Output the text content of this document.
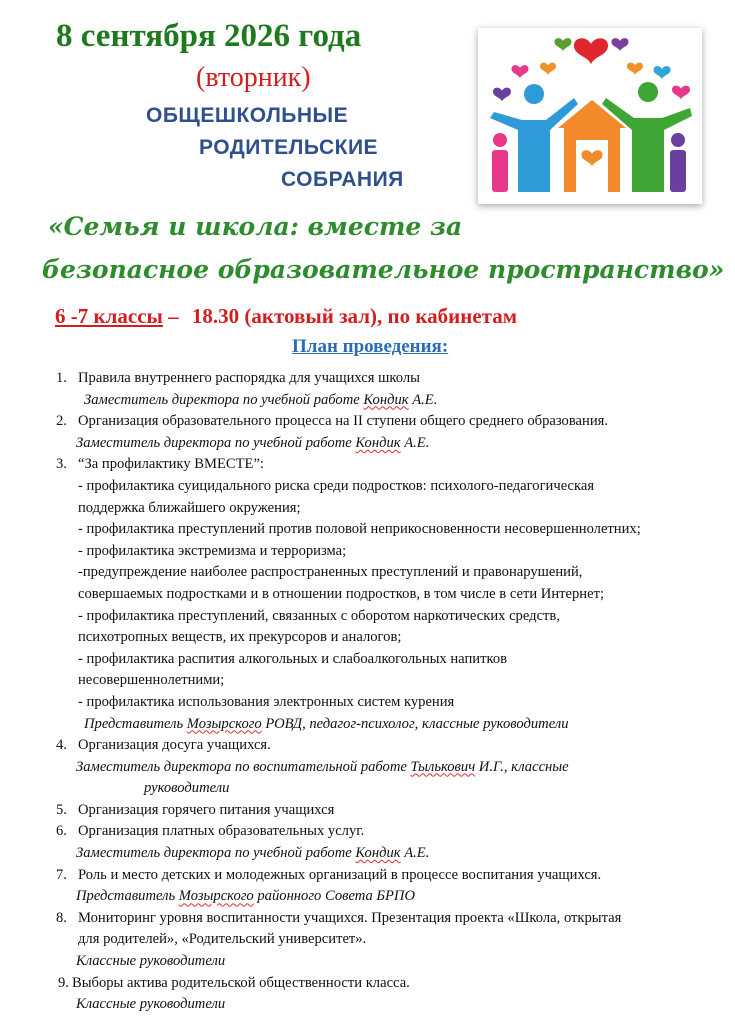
8 сентября 2026 года
(вторник)
ОБЩЕШКОЛЬНЫЕ
РОДИТЕЛЬСКИЕ
СОБРАНИЯ
«Семья и школа: вместе за
безопасное образовательное пространство»
6 -7 классы – 18.30 (актовый зал), по кабинетам
План проведения:
1. Правила внутреннего распорядка для учащихся школы
Заместитель директора по учебной работе Кондик А.Е.
2. Организация образовательного процесса на II ступени общего среднего образования.
Заместитель директора по учебной работе Кондик А.Е.
3. “За профилактику ВМЕСТЕ”:
- профилактика суицидального риска среди подростков: психолого-педагогическая
поддержка ближайшего окружения;
- профилактика преступлений против половой неприкосновенности несовершеннолетних;
- профилактика экстремизма и терроризма;
-предупреждение наиболее распространенных преступлений и правонарушений,
совершаемых подростками и в отношении подростков, в том числе в сети Интернет;
- профилактика преступлений, связанных с оборотом наркотических средств,
психотропных веществ, их прекурсоров и аналогов;
- профилактика распития алкогольных и слабоалкогольных напитков
несовершеннолетними;
- профилактика использования электронных систем курения
Представитель Мозырского РОВД, педагог-психолог, классные руководители
4. Организация досуга учащихся.
Заместитель директора по воспитательной работе Тылькович И.Г., классные
руководители
5. Организация горячего питания учащихся
6. Организация платных образовательных услуг.
Заместитель директора по учебной работе Кондик А.Е.
7. Роль и место детских и молодежных организаций в процессе воспитания учащихся.
Представитель Мозырского районного Совета БРПО
8. Мониторинг уровня воспитанности учащихся. Презентация проекта «Школа, открытая
для родителей», «Родительский университет».
Классные руководители
9. Выборы актива родительской общественности класса.
Классные руководители
